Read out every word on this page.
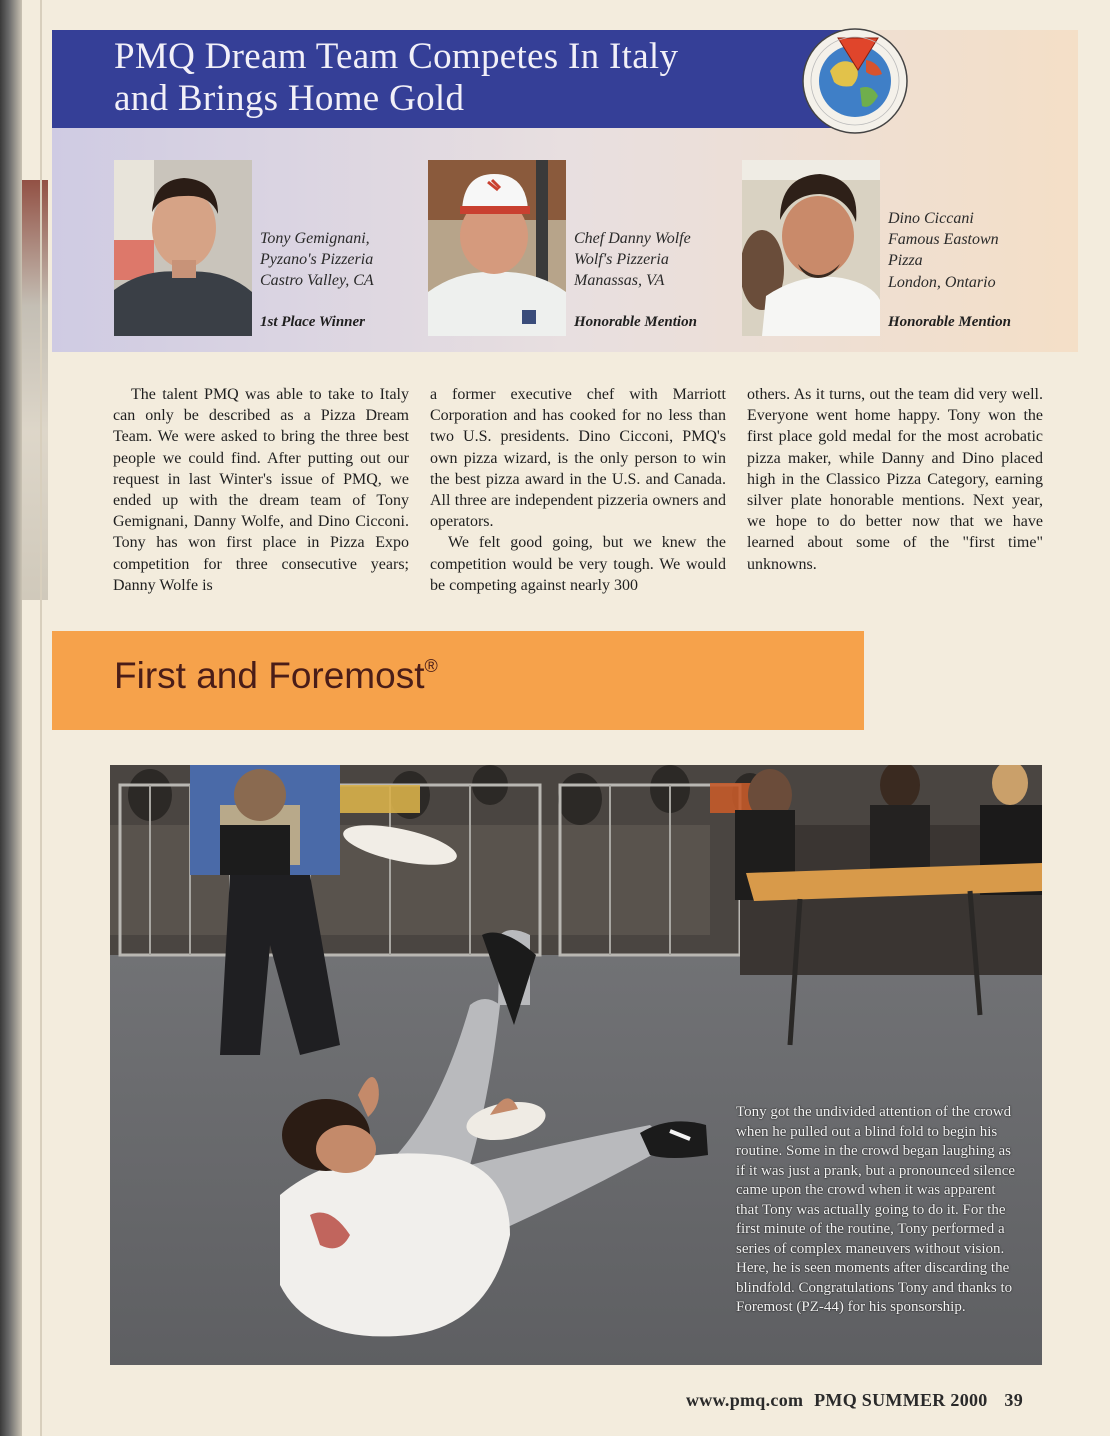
PMQ Dream Team Competes In Italy
and Brings Home Gold
Tony Gemignani,
Pyzano's Pizzeria
Castro Valley, CA
1st Place Winner
Chef Danny Wolfe
Wolf's Pizzeria
Manassas, VA
Honorable Mention
Dino Ciccani
Famous Eastown
Pizza
London, Ontario
Honorable Mention

The talent PMQ was able to take to Italy can only be described as a Pizza Dream Team. We were asked to bring the three best people we could find. After putting out our request in last Winter's issue of PMQ, we ended up with the dream team of Tony Gemignani, Danny Wolfe, and Dino Cicconi. Tony has won first place in Pizza Expo competition for three consecutive years; Danny Wolfe is

a former executive chef with Marriott Corporation and has cooked for no less than two U.S. presidents. Dino Cicconi, PMQ's own pizza wizard, is the only person to win the best pizza award in the U.S. and Canada. All three are independent pizzeria owners and operators.

We felt good going, but we knew the competition would be very tough. We would be competing against nearly 300

others. As it turns, out the team did very well. Everyone went home happy. Tony won the first place gold medal for the most acrobatic pizza maker, while Danny and Dino placed high in the Classico Pizza Category, earning silver plate honorable mentions. Next year, we hope to do better now that we have learned about some of the "first time" unknowns.

First and Foremost®
Tony got the undivided attention of the crowd when he pulled out a blind fold to begin his routine. Some in the crowd began laughing as if it was just a prank, but a pronounced silence came upon the crowd when it was apparent that Tony was actually going to do it. For the first minute of the routine, Tony performed a series of complex maneuvers without vision. Here, he is seen moments after discarding the blindfold. Congratulations Tony and thanks to Foremost (PZ-44) for his sponsorship.
www.pmq.com PMQ SUMMER 2000 39
